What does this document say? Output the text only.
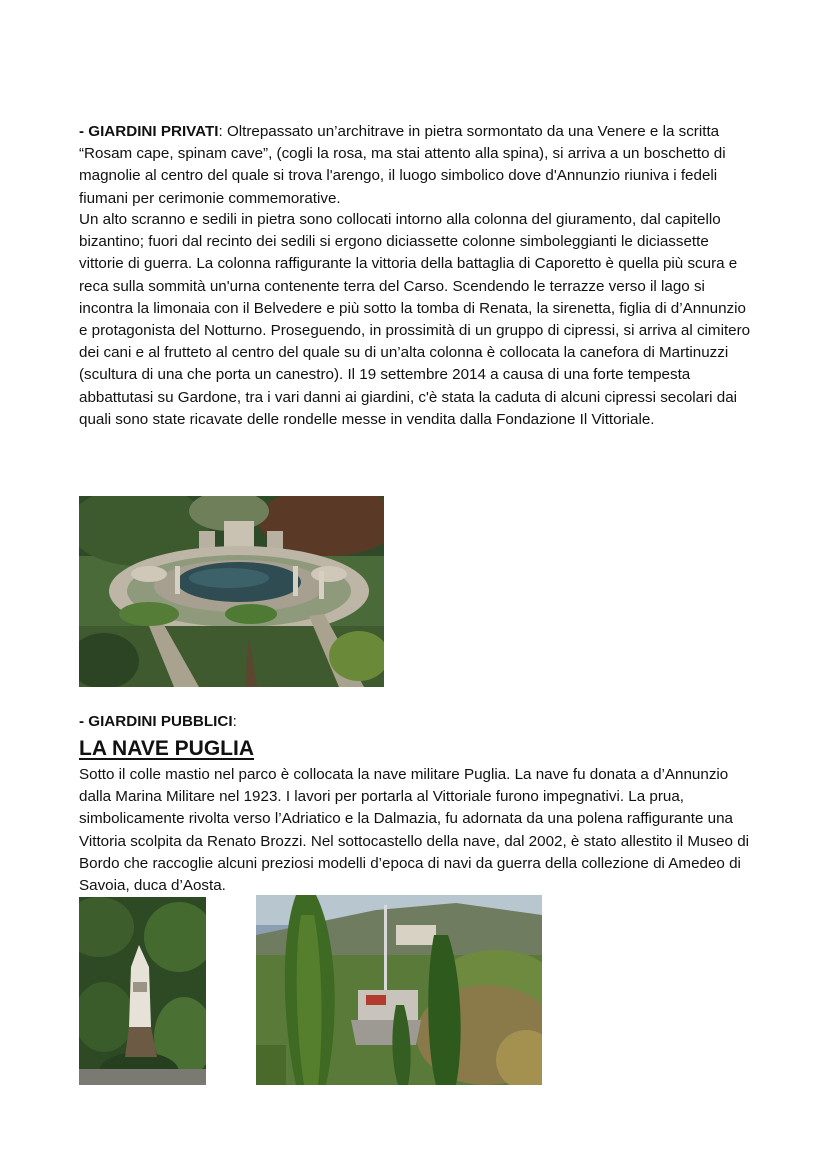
- GIARDINI PRIVATI: Oltrepassato un’architrave in pietra sormontato da una Venere e la scritta “Rosam cape, spinam cave”, (cogli la rosa, ma stai attento alla spina), si arriva a un boschetto di magnolie al centro del quale si trova l'arengo, il luogo simbolico dove d'Annunzio riuniva i fedeli fiumani per cerimonie commemorative.

Un alto scranno e sedili in pietra sono collocati intorno alla colonna del giuramento, dal capitello bizantino; fuori dal recinto dei sedili si ergono diciassette colonne simboleggianti le diciassette vittorie di guerra. La colonna raffigurante la vittoria della battaglia di Caporetto è quella più scura e reca sulla sommità un'urna contenente terra del Carso. Scendendo le terrazze verso il lago si incontra la limonaia con il Belvedere e più sotto la tomba di Renata, la sirenetta, figlia di d’Annunzio e protagonista del Notturno. Proseguendo, in prossimità di un gruppo di cipressi, si arriva al cimitero dei cani e al frutteto al centro del quale su di un’alta colonna è collocata la canefora di Martinuzzi (scultura di una che porta un canestro). Il 19 settembre 2014 a causa di una forte tempesta abbattutasi su Gardone, tra i vari danni ai giardini, c'è stata la caduta di alcuni cipressi secolari dai quali sono state ricavate delle rondelle messe in vendita dalla Fondazione Il Vittoriale.

- GIARDINI PUBBLICI:

LA NAVE PUGLIA

Sotto il colle mastio nel parco è collocata la nave militare Puglia. La nave fu donata a d’Annunzio dalla Marina Militare nel 1923. I lavori per portarla al Vittoriale furono impegnativi. La prua, simbolicamente rivolta verso l’Adriatico e la Dalmazia, fu adornata da una polena raffigurante una Vittoria scolpita da Renato Brozzi. Nel sottocastello della nave, dal 2002, è stato allestito il Museo di Bordo che raccoglie alcuni preziosi modelli d’epoca di navi da guerra della collezione di Amedeo di Savoia, duca d’Aosta.
